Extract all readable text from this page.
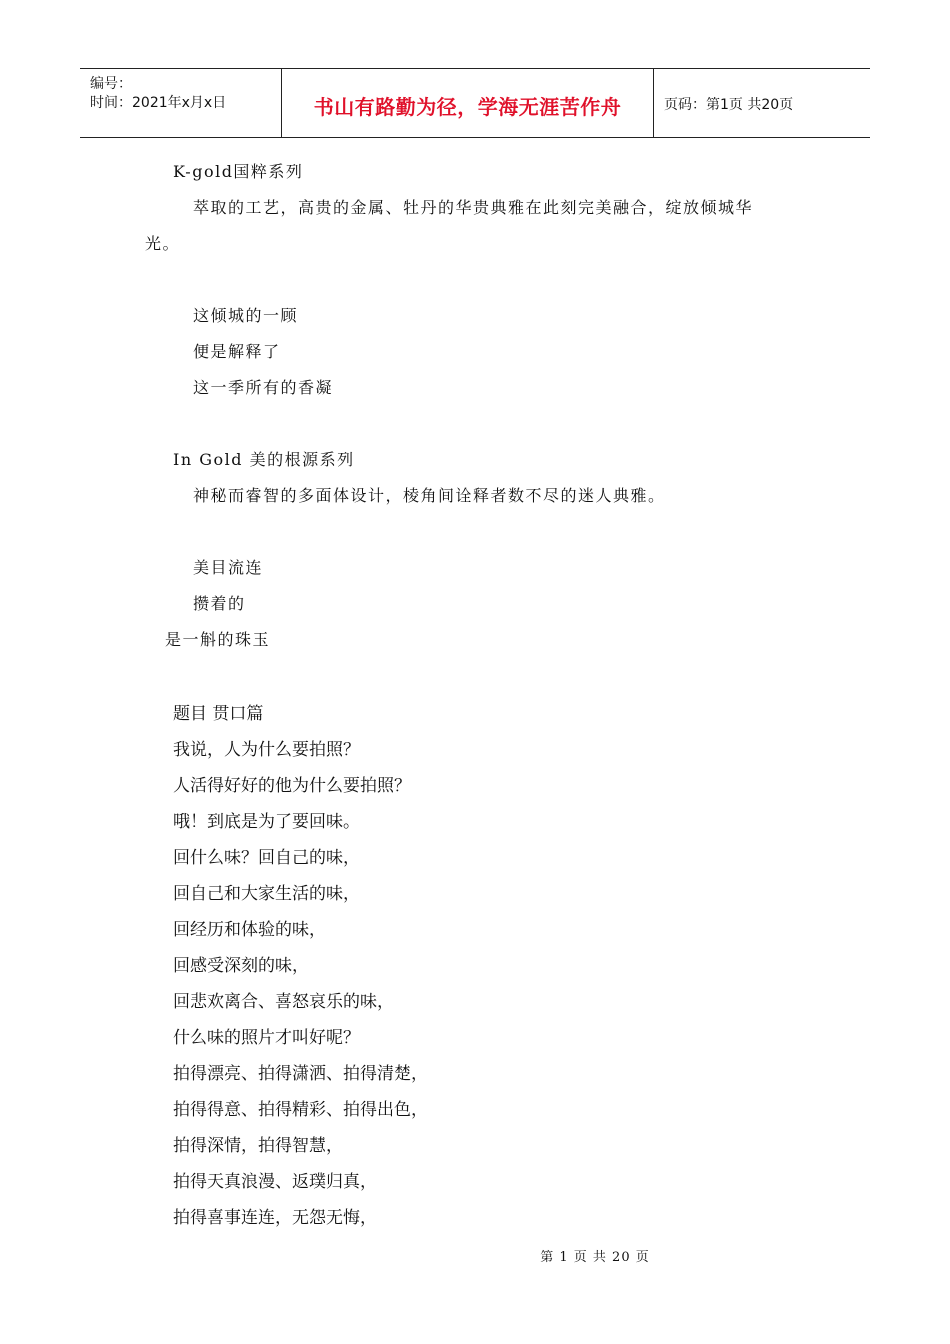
编号：
时间：2021年x月x日	书山有路勤为径，学海无涯苦作舟	页码：第1页 共20页
K-gold国粹系列
萃取的工艺，高贵的金属、牡丹的华贵典雅在此刻完美融合，绽放倾城华
光。
这倾城的一顾
便是解释了
这一季所有的香凝
In Gold 美的根源系列
神秘而睿智的多面体设计，棱角间诠释者数不尽的迷人典雅。
美目流连
攒着的
是一斛的珠玉
题目 贯口篇
我说，人为什么要拍照？
人活得好好的他为什么要拍照？
哦！到底是为了要回味。
回什么味？回自己的味，
回自己和大家生活的味，
回经历和体验的味，
回感受深刻的味，
回悲欢离合、喜怒哀乐的味，
什么味的照片才叫好呢？
拍得漂亮、拍得潇洒、拍得清楚，
拍得得意、拍得精彩、拍得出色，
拍得深情，拍得智慧，
拍得天真浪漫、返璞归真，
拍得喜事连连，无怨无悔，
第 1 页 共 20 页
